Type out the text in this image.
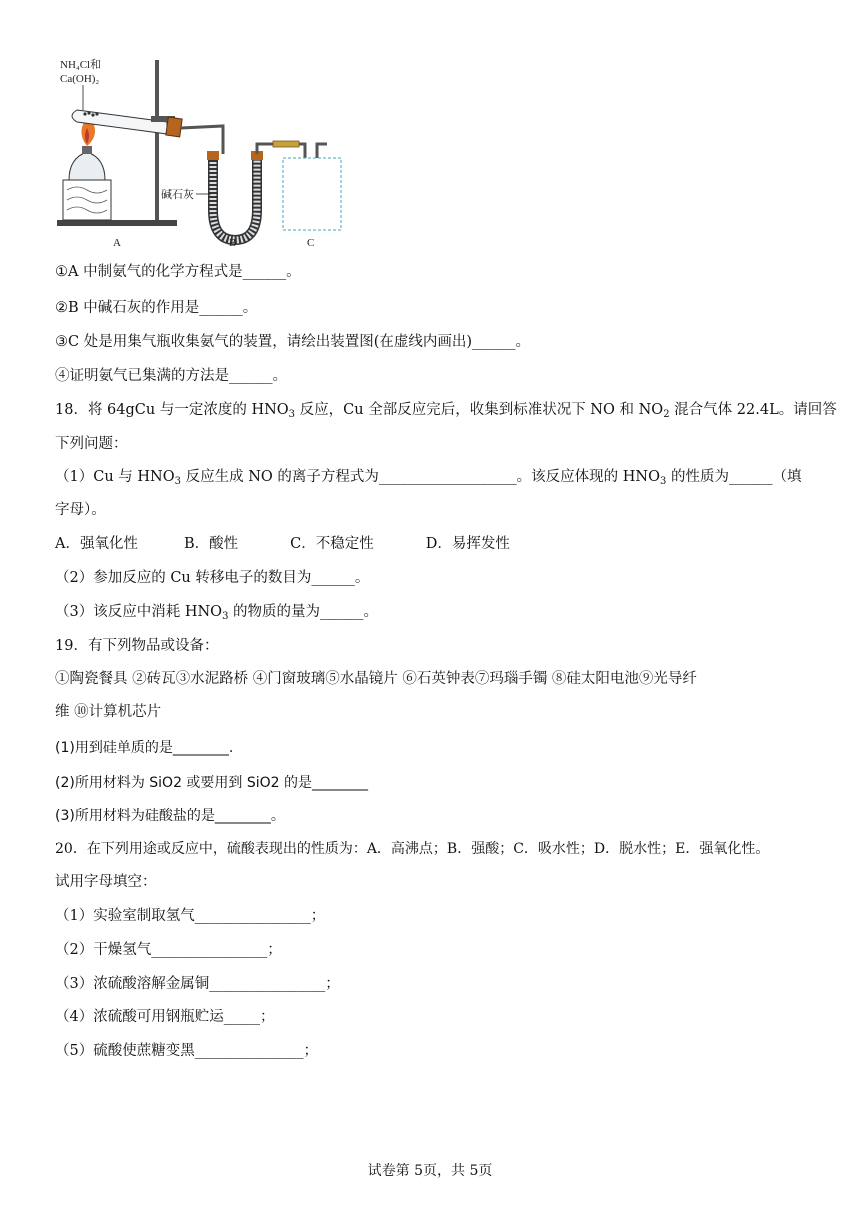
NH₄Cl和
Ca(OH)₂
碱石灰
A	B	C
①A 中制氨气的化学方程式是______。
②B 中碱石灰的作用是______。
③C 处是用集气瓶收集氨气的装置，请绘出装置图(在虚线内画出)______。
④证明氨气已集满的方法是______。
18．将 64gCu 与一定浓度的 $HNO_3$ 反应，Cu 全部反应完后，收集到标准状况下 NO 和 $NO_2$ 混合气体 22.4L。请回答
下列问题：
（1）Cu 与 $HNO_3$ 反应生成 NO 的离子方程式为___________________。该反应体现的 $HNO_3$ 的性质为______（填
字母）。
A．强氧化性	B．酸性	C．不稳定性	D．易挥发性
（2）参加反应的 Cu 转移电子的数目为______。
（3）该反应中消耗 $HNO_3$ 的物质的量为______。
19．有下列物品或设备：
①陶瓷餐具 ②砖瓦③水泥路桥 ④门窗玻璃⑤水晶镜片 ⑥石英钟表⑦玛瑙手镯 ⑧硅太阳电池⑨光导纤
维 ⑩计算机芯片
(1)用到硅单质的是________.
(2)所用材料为 SiO2 或要用到 SiO2 的是________
(3)所用材料为硅酸盐的是________。
20．在下列用途或反应中，硫酸表现出的性质为：A．高沸点；B．强酸；C．吸水性；D．脱水性；E．强氧化性。
试用字母填空：
（1）实验室制取氢气________________；
（2）干燥氢气________________；
（3）浓硫酸溶解金属铜________________；
（4）浓硫酸可用钢瓶贮运_____；
（5）硫酸使蔗糖变黑_______________；
试卷第 5页，共 5页
